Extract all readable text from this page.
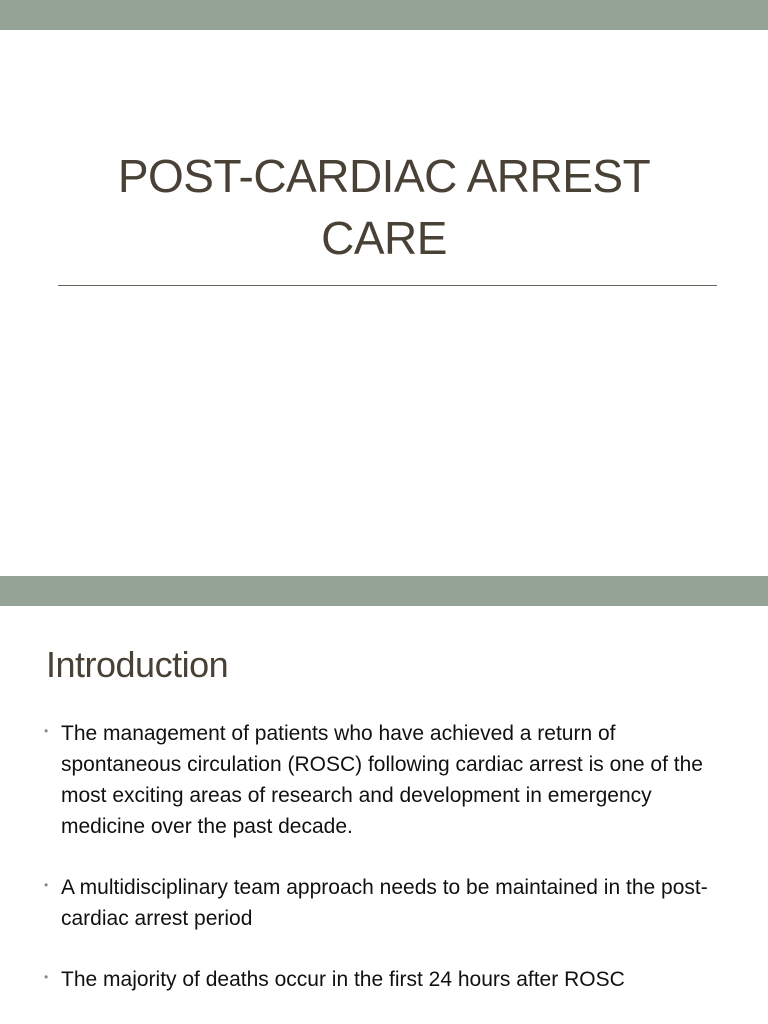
POST-CARDIAC ARREST CARE
Introduction
• The management of patients who have achieved a return of spontaneous circulation (ROSC) following cardiac arrest is one of the most exciting areas of research and development in emergency medicine over the past decade.
• A multidisciplinary team approach needs to be maintained in the post-cardiac arrest period
• The majority of deaths occur in the first 24 hours after ROSC
